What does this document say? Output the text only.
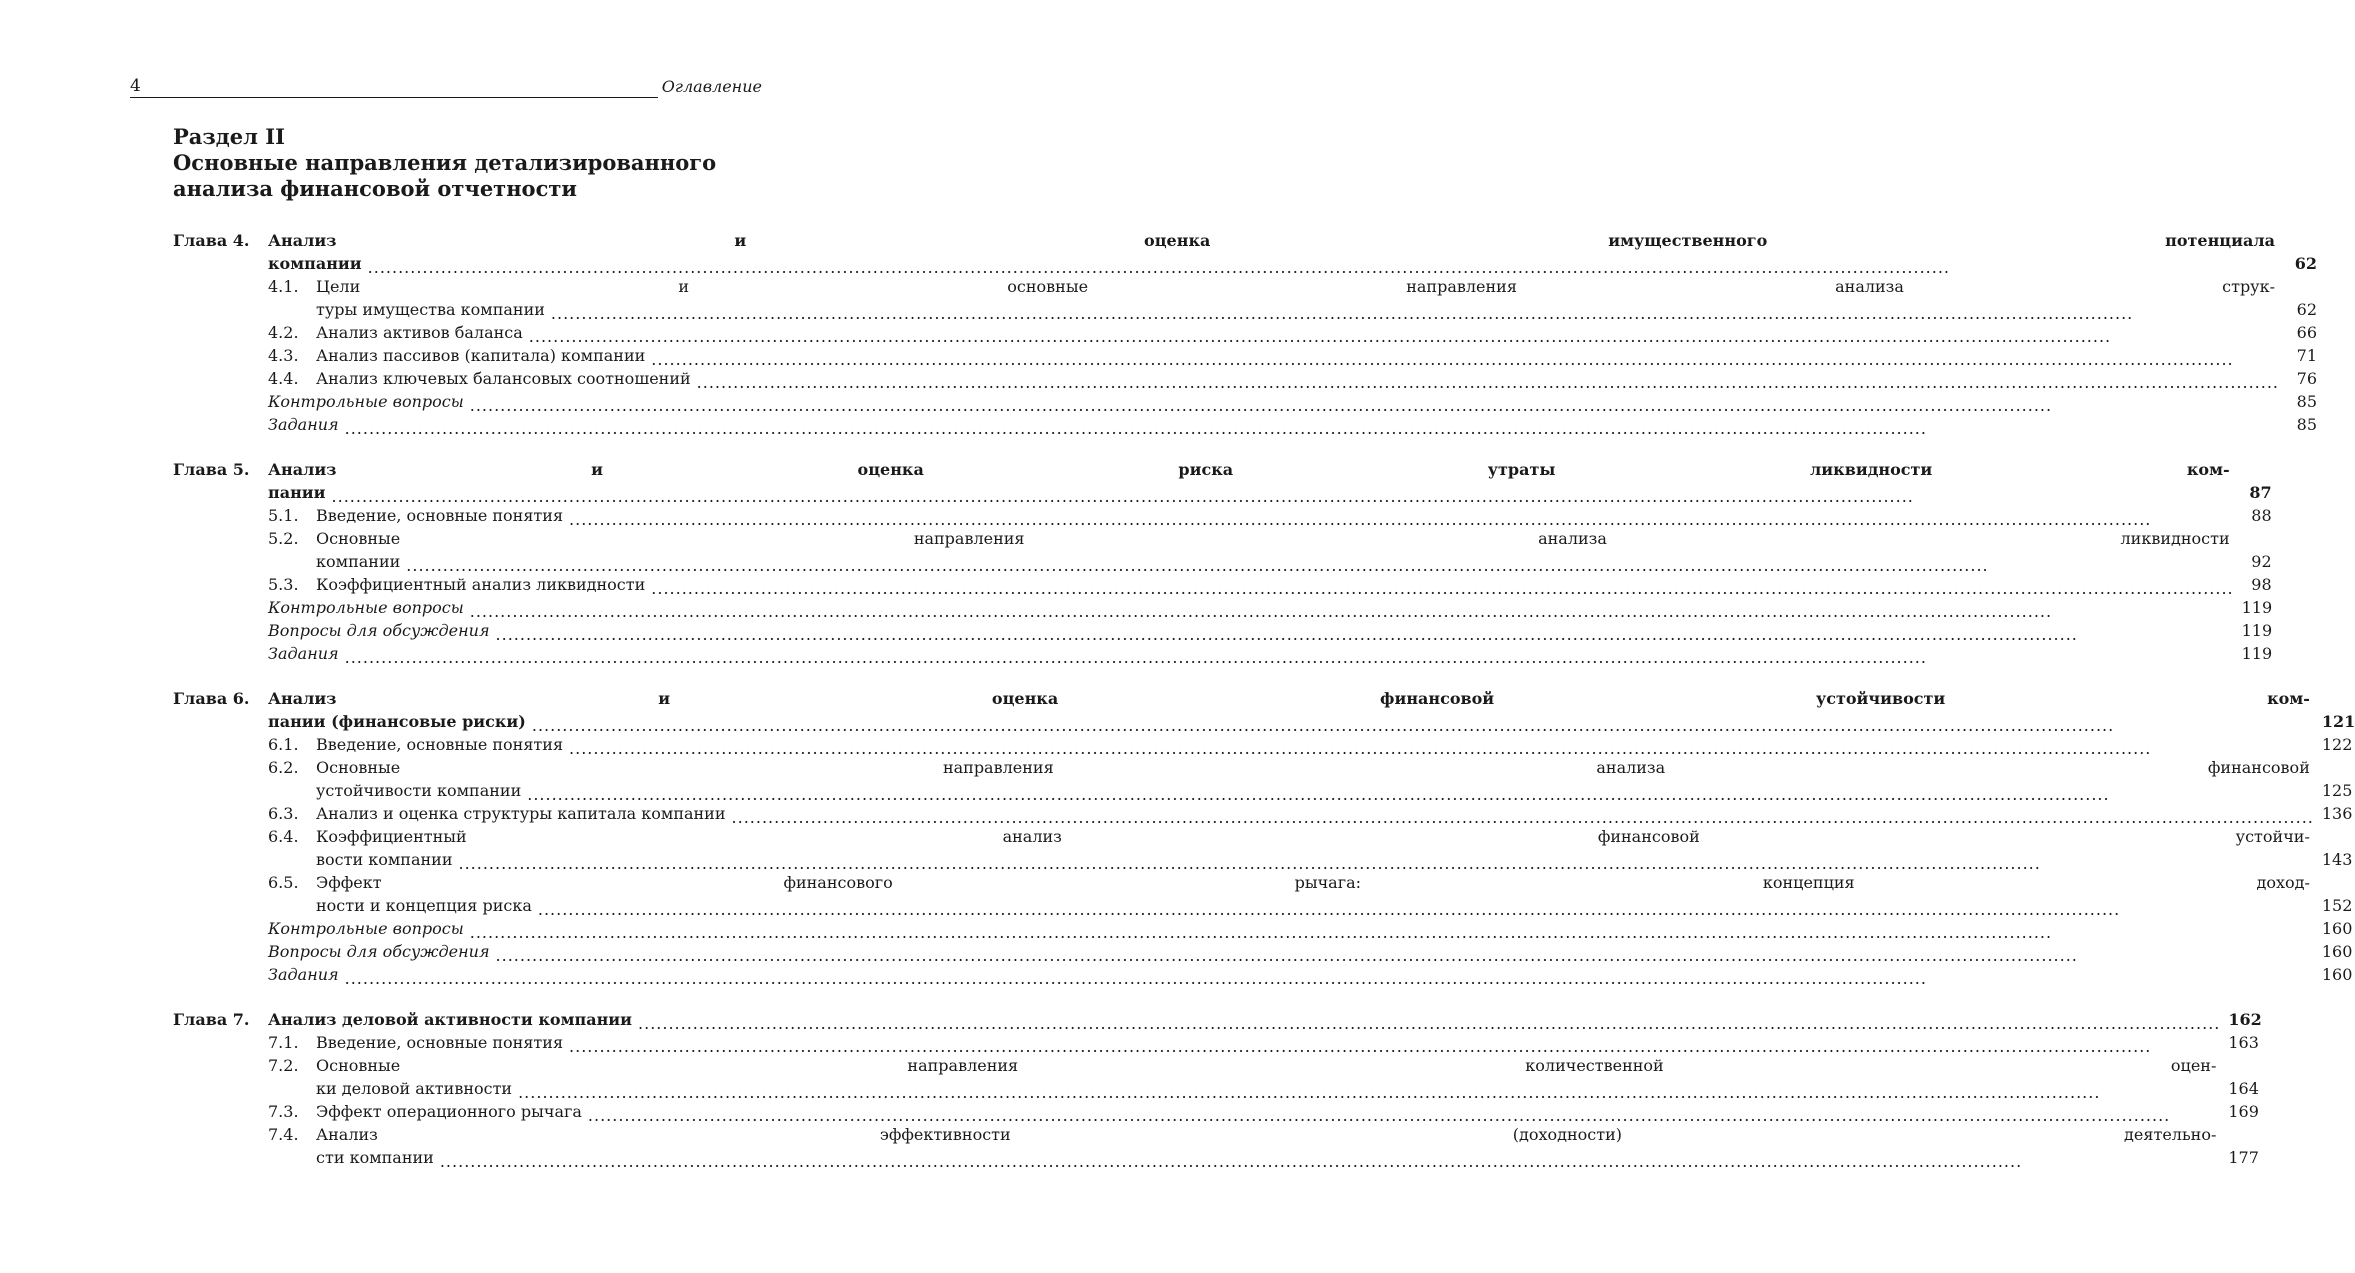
4	Оглавление
Раздел II
Основные направления детализированного
анализа финансовой отчетности
Глава 4.	Анализ и оценка имущественного потенциала
компании .....	62
4.1.	Цели и основные направления анализа струк-
туры имущества компании .....	62
4.2.	Анализ активов баланса .....	66
4.3.	Анализ пассивов (капитала) компании .....	71
4.4.	Анализ ключевых балансовых соотношений .....	76
Контрольные вопросы .....	85
Задания .....	85
Глава 5.	Анализ и оценка риска утраты ликвидности ком-
пании .....	87
5.1.	Введение, основные понятия .....	88
5.2.	Основные направления анализа ликвидности
компании .....	92
5.3.	Коэффициентный анализ ликвидности .....	98
Контрольные вопросы .....	119
Вопросы для обсуждения .....	119
Задания .....	119
Глава 6.	Анализ и оценка финансовой устойчивости ком-
пании (финансовые риски) .....	121
6.1.	Введение, основные понятия .....	122
6.2.	Основные направления анализа финансовой
устойчивости компании .....	125
6.3.	Анализ и оценка структуры капитала компании .....	136
6.4.	Коэффициентный анализ финансовой устойчи-
вости компании .....	143
6.5.	Эффект финансового рычага: концепция доход-
ности и концепция риска .....	152
Контрольные вопросы .....	160
Вопросы для обсуждения .....	160
Задания .....	160
Глава 7.	Анализ деловой активности компании .....	162
7.1.	Введение, основные понятия .....	163
7.2.	Основные направления количественной оцен-
ки деловой активности .....	164
7.3.	Эффект операционного рычага .....	169
7.4.	Анализ эффективности (доходности) деятельно-
сти компании .....	177
